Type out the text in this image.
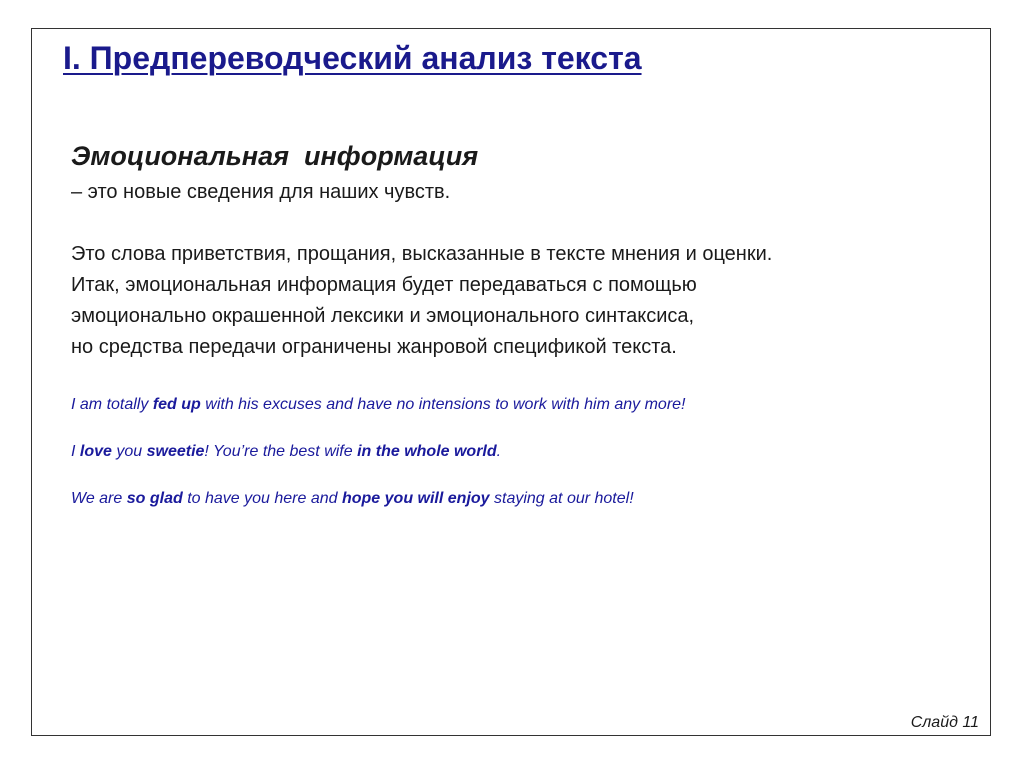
I. Предпереводческий анализ текста
Эмоциональная  информация
– это новые сведения для наших чувств.

Это слова приветствия, прощания, высказанные в тексте мнения и оценки.
Итак, эмоциональная информация будет передаваться с помощью
эмоционально окрашенной лексики и эмоционального синтаксиса,
но средства передачи ограничены жанровой спецификой текста.

I am totally fed up with his excuses and have no intensions to work with him any more!

I love you sweetie! You’re the best wife in the whole world.

We are so glad to have you here and hope you will enjoy staying at our hotel!

Слайд 11
